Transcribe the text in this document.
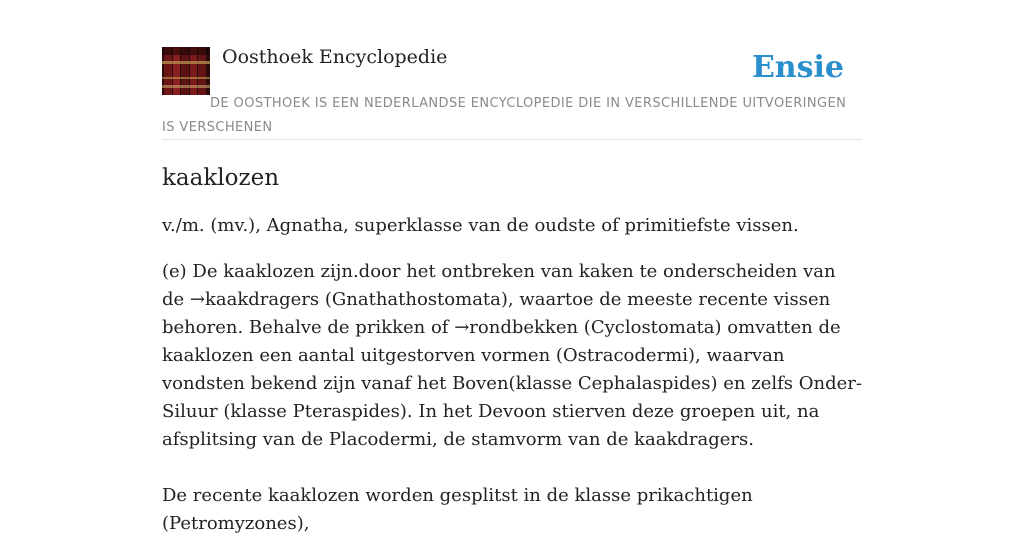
Oosthoek Encyclopedie	Ensie
DE OOSTHOEK IS EEN NEDERLANDSE ENCYCLOPEDIE DIE IN VERSCHILLENDE UITVOERINGEN IS VERSCHENEN
kaaklozen

v./m. (mv.), Agnatha, superklasse van de oudste of primitiefste vissen.

(e) De kaaklozen zijn.door het ontbreken van kaken te onderscheiden van de →kaakdragers (Gnathathostomata), waartoe de meeste recente vissen behoren. Behalve de prikken of →rondbekken (Cyclostomata) omvatten de kaaklozen een aantal uitgestorven vormen (Ostracodermi), waarvan vondsten bekend zijn vanaf het Boven(klasse Cephalaspides) en zelfs Onder-Siluur (klasse Pteraspides). In het Devoon stierven deze groepen uit, na afsplitsing van de Placodermi, de stamvorm van de kaakdragers.

De recente kaaklozen worden gesplitst in de klasse prikachtigen (Petromyzones),
